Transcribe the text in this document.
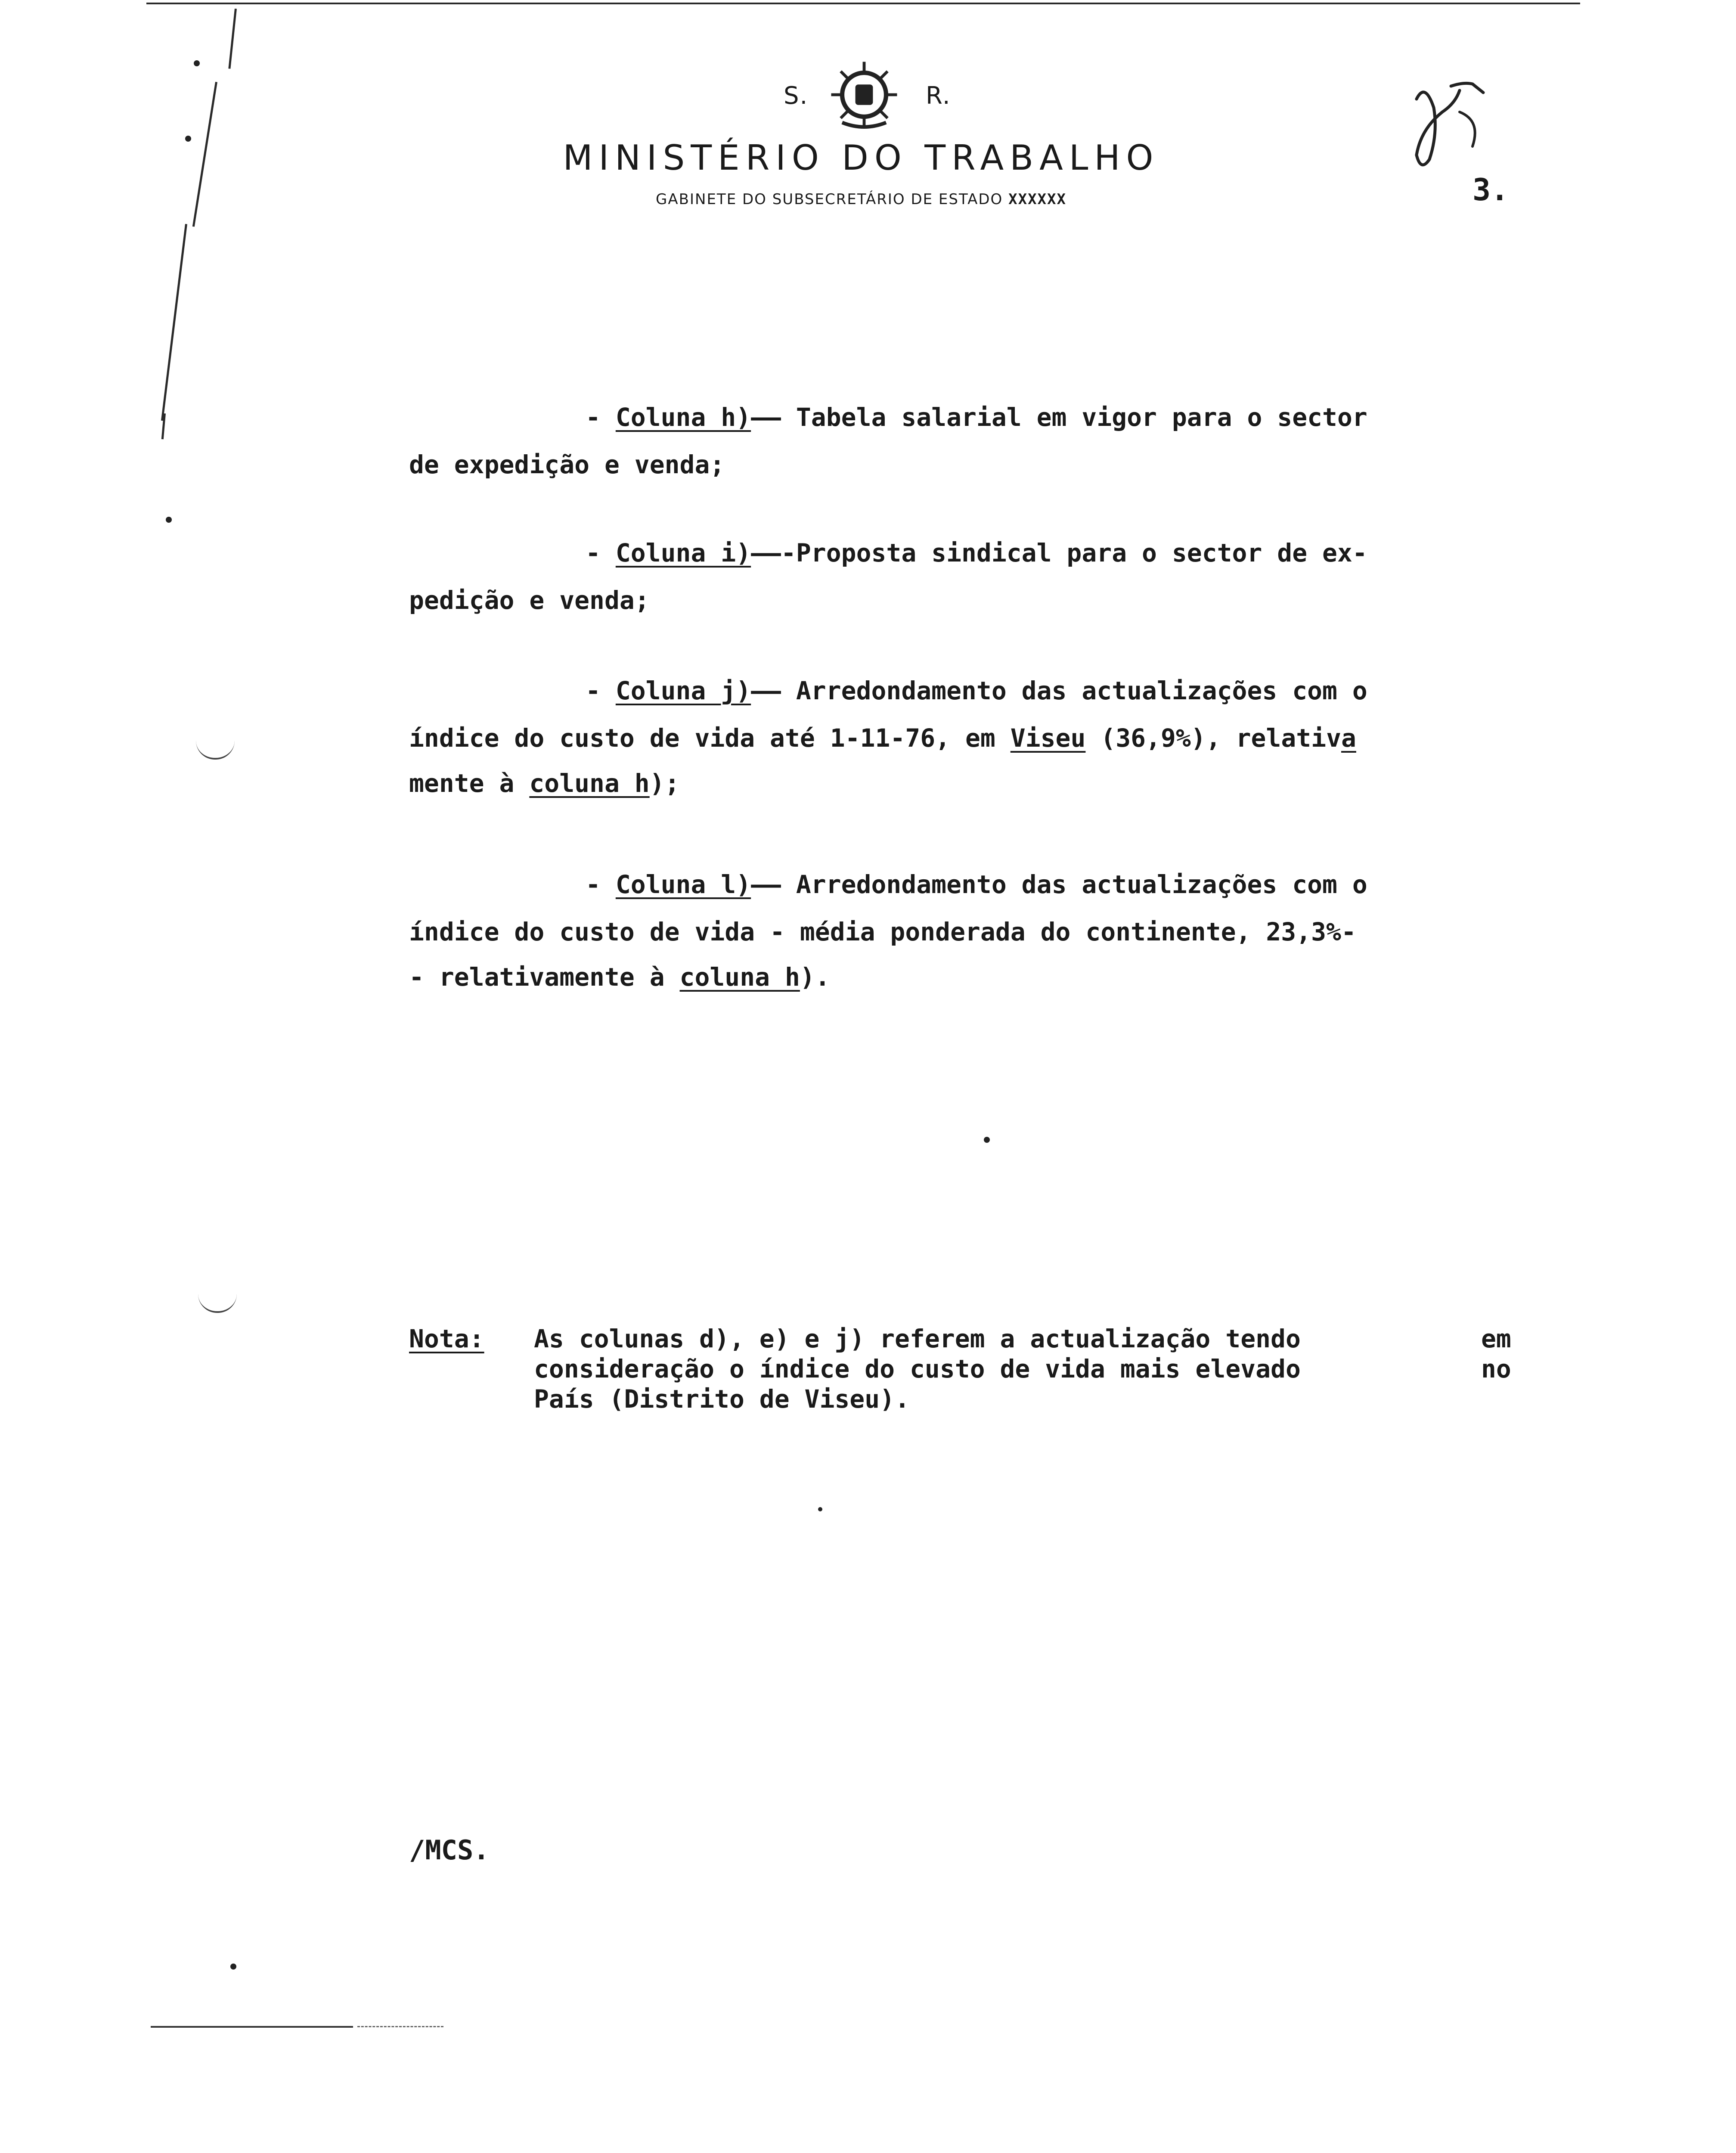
S.	R.
MINISTÉRIO DO TRABALHO
GABINETE DO SUBSECRETÁRIO DE ESTADO XXXXXX	3.
- Coluna h)—— Tabela salarial em vigor para o sector
de expedição e venda;
- Coluna i)——-Proposta sindical para o sector de ex-
pedição e venda;
- Coluna j)—— Arredondamento das actualizações com o
índice do custo de vida até 1-11-76, em Viseu (36,9%), relativa
mente à coluna h);
- Coluna l)—— Arredondamento das actualizações com o
índice do custo de vida - média ponderada do continente, 23,3%-
- relativamente à coluna h).
Nota: As colunas d), e) e j) referem a actualização tendo	em
consideração o índice do custo de vida mais elevado	no
País (Distrito de Viseu).
/MCS.
